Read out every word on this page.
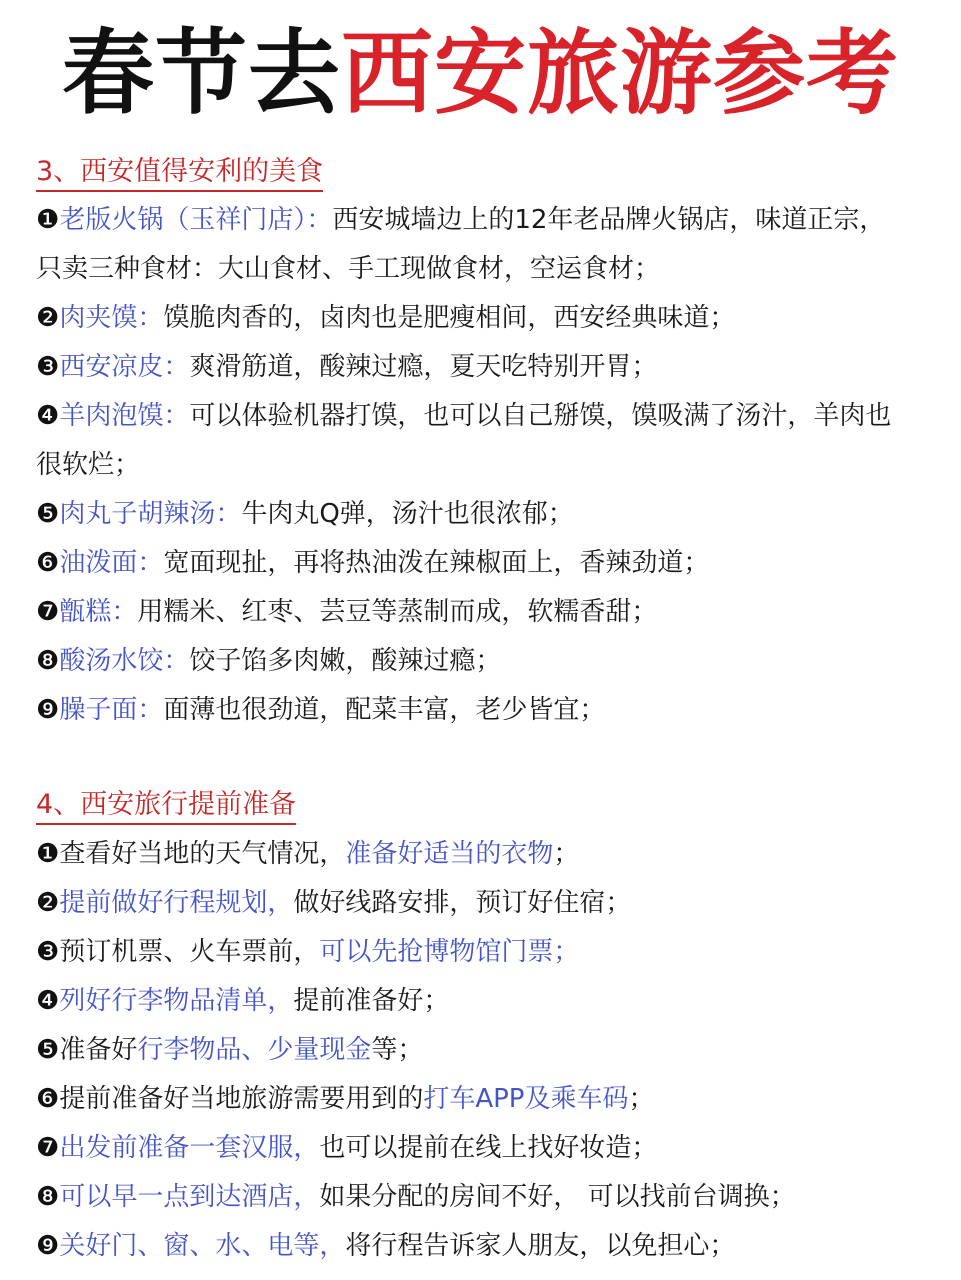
春节去西安旅游参考
3、西安值得安利的美食
❶老版火锅（玉祥门店）：西安城墙边上的12年老品牌火锅店，味道正宗，
只卖三种食材：大山食材、手工现做食材，空运食材；
❷肉夹馍：馍脆肉香的，卤肉也是肥瘦相间，西安经典味道；
❸西安凉皮：爽滑筋道，酸辣过瘾，夏天吃特别开胃；
❹羊肉泡馍：可以体验机器打馍，也可以自己掰馍，馍吸满了汤汁，羊肉也
很软烂；
❺肉丸子胡辣汤：牛肉丸Q弹，汤汁也很浓郁；
❻油泼面：宽面现扯，再将热油泼在辣椒面上，香辣劲道；
❼甑糕：用糯米、红枣、芸豆等蒸制而成，软糯香甜；
❽酸汤水饺：饺子馅多肉嫩，酸辣过瘾；
❾臊子面：面薄也很劲道，配菜丰富，老少皆宜；
4、西安旅行提前准备
❶查看好当地的天气情况，准备好适当的衣物；
❷提前做好行程规划，做好线路安排，预订好住宿；
❸预订机票、火车票前，可以先抢博物馆门票；
❹列好行李物品清单，提前准备好；
❺准备好行李物品、少量现金等；
❻提前准备好当地旅游需要用到的打车APP及乘车码；
❼出发前准备一套汉服，也可以提前在线上找好妆造；
❽可以早一点到达酒店，如果分配的房间不好， 可以找前台调换；
❾关好门、窗、水、电等，将行程告诉家人朋友，以免担心；
